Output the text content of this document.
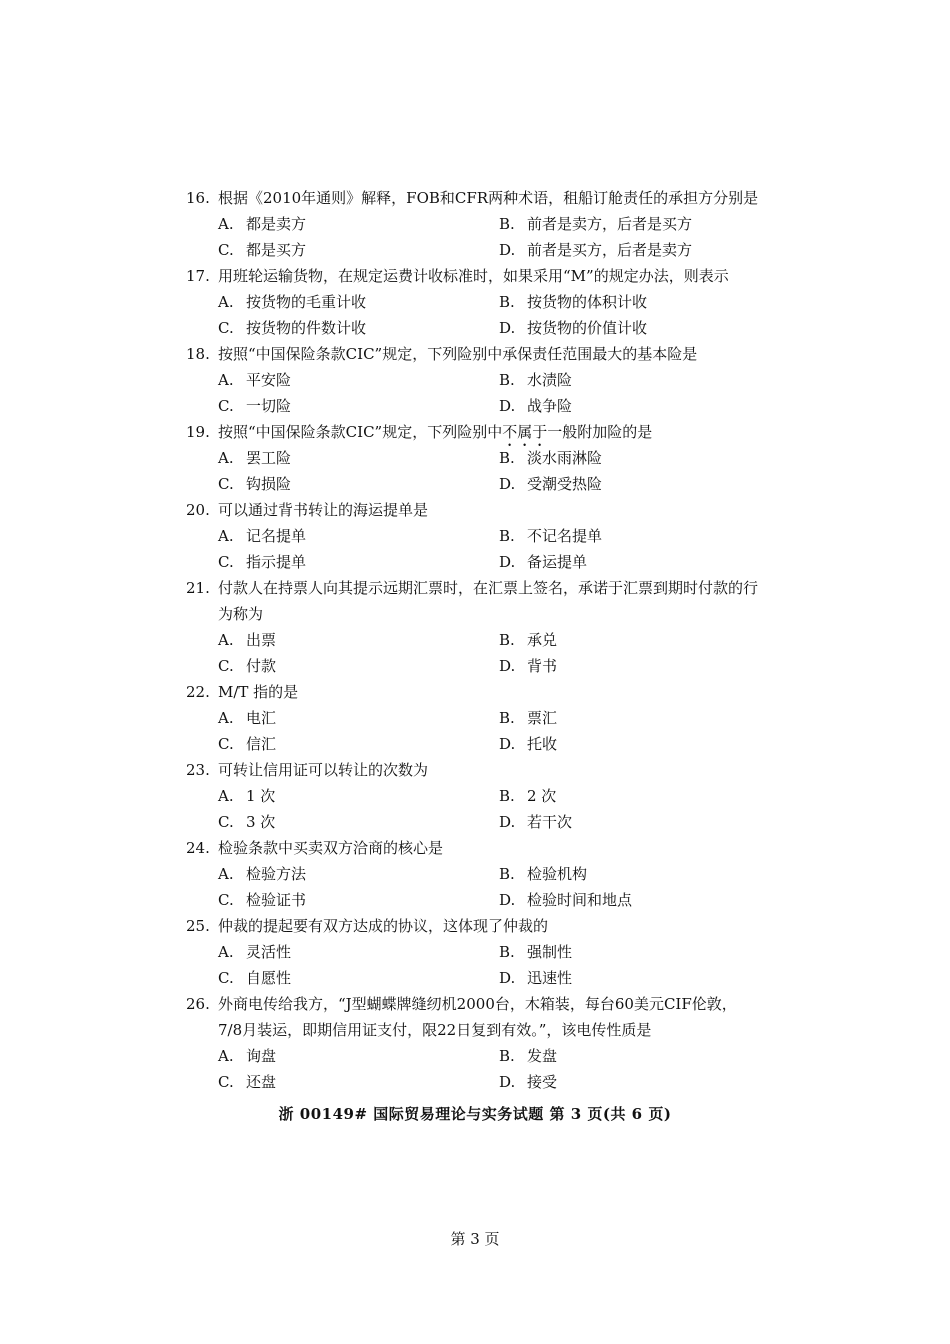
16. 根据《2010年通则》解释，FOB和CFR两种术语，租船订舱责任的承担方分别是
A. 都是卖方	B. 前者是卖方，后者是买方
C. 都是买方	D. 前者是买方，后者是卖方
17. 用班轮运输货物，在规定运费计收标准时，如果采用“M”的规定办法，则表示
A. 按货物的毛重计收	B. 按货物的体积计收
C. 按货物的件数计收	D. 按货物的价值计收
18. 按照“中国保险条款CIC”规定，下列险别中承保责任范围最大的基本险是
A. 平安险	B. 水渍险
C. 一切险	D. 战争险
19. 按照“中国保险条款CIC”规定，下列险别中不属于一般附加险的是
A. 罢工险	B. 淡水雨淋险
C. 钩损险	D. 受潮受热险
20. 可以通过背书转让的海运提单是
A. 记名提单	B. 不记名提单
C. 指示提单	D. 备运提单
21. 付款人在持票人向其提示远期汇票时，在汇票上签名，承诺于汇票到期时付款的行
为称为
A. 出票	B. 承兑
C. 付款	D. 背书
22. M/T 指的是
A. 电汇	B. 票汇
C. 信汇	D. 托收
23. 可转让信用证可以转让的次数为
A. 1 次	B. 2 次
C. 3 次	D. 若干次
24. 检验条款中买卖双方洽商的核心是
A. 检验方法	B. 检验机构
C. 检验证书	D. 检验时间和地点
25. 仲裁的提起要有双方达成的协议，这体现了仲裁的
A. 灵活性	B. 强制性
C. 自愿性	D. 迅速性
26. 外商电传给我方，“J型蝴蝶牌缝纫机2000台，木箱装，每台60美元CIF伦敦，
7/8月装运，即期信用证支付，限22日复到有效。”，该电传性质是
A. 询盘	B. 发盘
C. 还盘	D. 接受
浙 00149# 国际贸易理论与实务试题 第 3 页(共 6 页)
第 3 页
